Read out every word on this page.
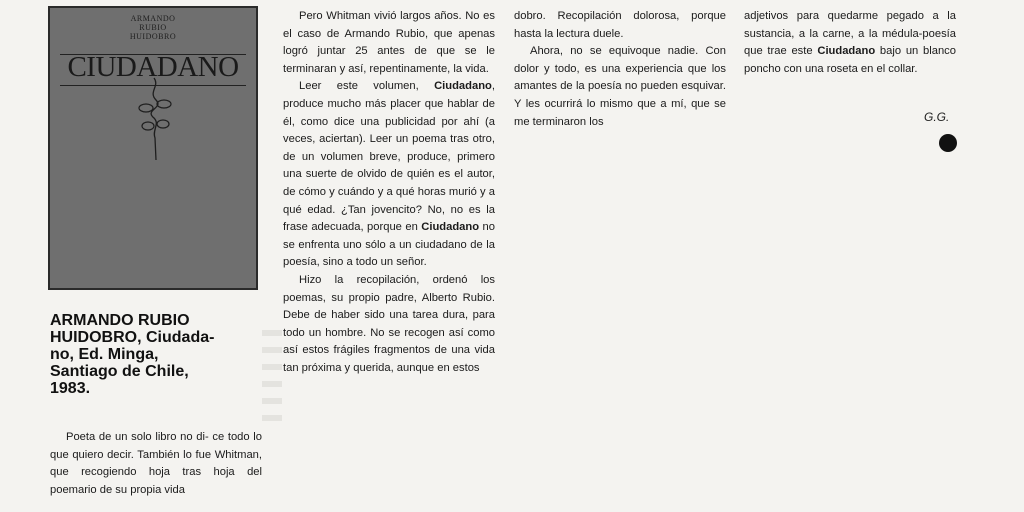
ARMANDO
RUBIO
HUIDOBRO
CIUDADANO
ARMANDO RUBIO
HUIDOBRO, Ciudada-
no, Ed. Minga,
Santiago de Chile,
1983.

Poeta de un solo libro no di- ce todo lo que quiero decir. También lo fue Whitman, que recogiendo hoja tras hoja del poemario de su propia vida

Pero Whitman vivió largos años. No es el caso de Armando Rubio, que apenas logró juntar 25 antes de que se le terminaran y así, repentinamente, la vida.

Leer este volumen, Ciudadano, produce mucho más placer que hablar de él, como dice una publicidad por ahí (a veces, aciertan). Leer un poema tras otro, de un volumen breve, produce, primero una suerte de olvido de quién es el autor, de cómo y cuándo y a qué horas murió y a qué edad. ¿Tan jovencito? No, no es la frase adecuada, porque en Ciudadano no se enfrenta uno sólo a un ciudadano de la poesía, sino a todo un señor.

Hizo la recopilación, ordenó los poemas, su propio padre, Alberto Rubio. Debe de haber sido una tarea dura, para todo un hombre. No se recogen así como así estos frágiles fragmentos de una vida tan próxima y querida, aunque en estos

dobro. Recopilación dolorosa, porque hasta la lectura duele.

Ahora, no se equivoque nadie. Con dolor y todo, es una experiencia que los amantes de la poesía no pueden esquivar. Y les ocurrirá lo mismo que a mí, que se me terminaron los

adjetivos para quedarme pegado a la sustancia, a la carne, a la médula-poesía que trae este Ciudadano bajo un blanco poncho con una roseta en el collar.

G.G.
